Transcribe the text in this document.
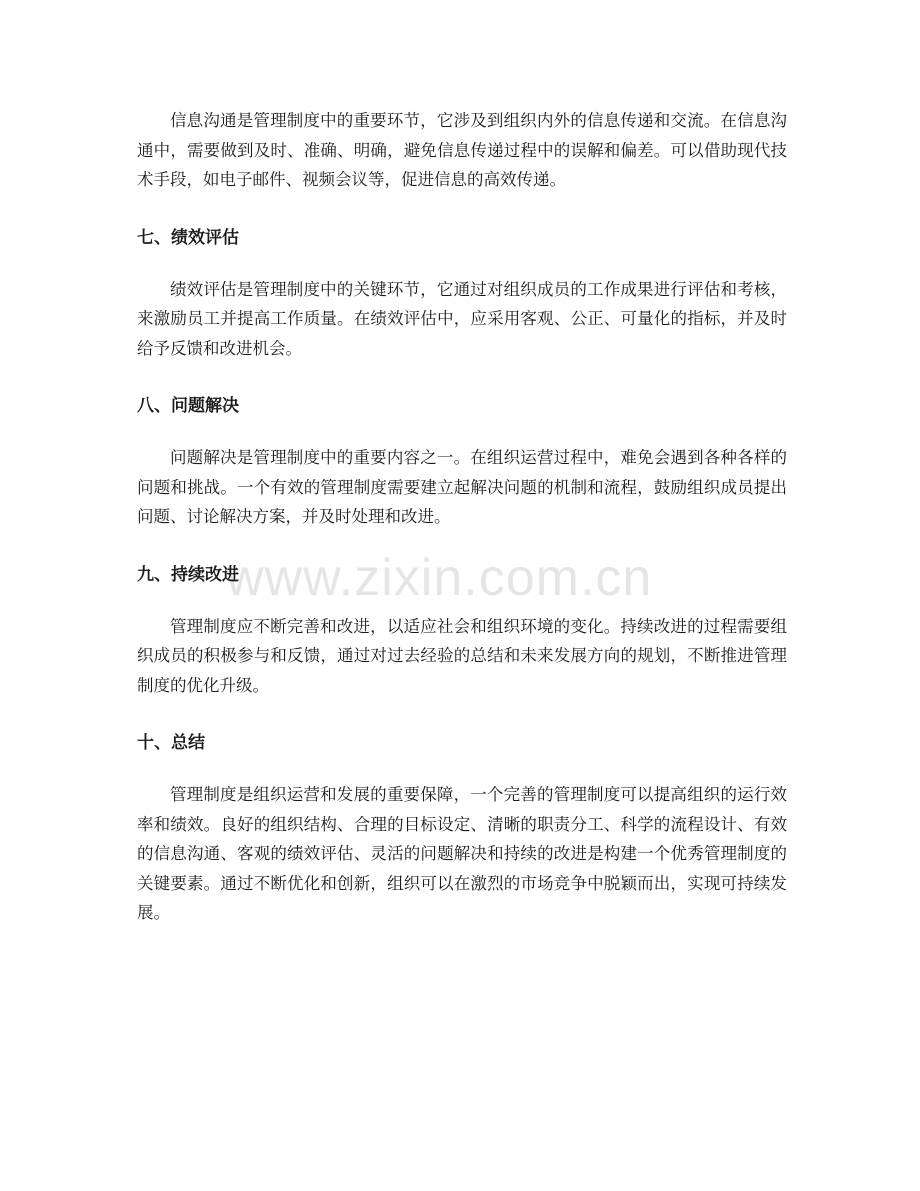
信息沟通是管理制度中的重要环节，它涉及到组织内外的信息传递和交流。在信息沟通中，需要做到及时、准确、明确，避免信息传递过程中的误解和偏差。可以借助现代技术手段，如电子邮件、视频会议等，促进信息的高效传递。

七、绩效评估

绩效评估是管理制度中的关键环节，它通过对组织成员的工作成果进行评估和考核，来激励员工并提高工作质量。在绩效评估中，应采用客观、公正、可量化的指标，并及时给予反馈和改进机会。

八、问题解决

问题解决是管理制度中的重要内容之一。在组织运营过程中，难免会遇到各种各样的问题和挑战。一个有效的管理制度需要建立起解决问题的机制和流程，鼓励组织成员提出问题、讨论解决方案，并及时处理和改进。

九、持续改进

管理制度应不断完善和改进，以适应社会和组织环境的变化。持续改进的过程需要组织成员的积极参与和反馈，通过对过去经验的总结和未来发展方向的规划，不断推进管理制度的优化升级。

十、总结

管理制度是组织运营和发展的重要保障，一个完善的管理制度可以提高组织的运行效率和绩效。良好的组织结构、合理的目标设定、清晰的职责分工、科学的流程设计、有效的信息沟通、客观的绩效评估、灵活的问题解决和持续的改进是构建一个优秀管理制度的关键要素。通过不断优化和创新，组织可以在激烈的市场竞争中脱颖而出，实现可持续发展。

www.zixin.com.cn
